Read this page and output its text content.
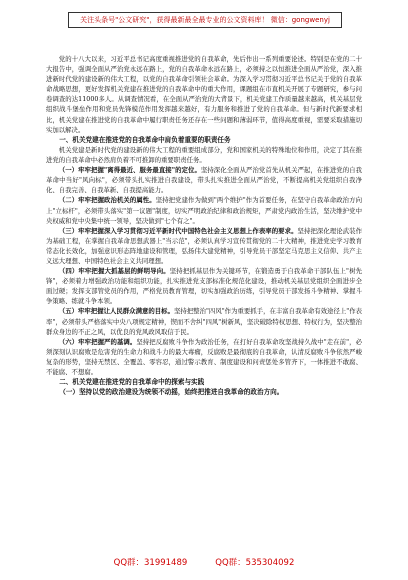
关注头条号"公文研究"，获得最新最全最专业的公文资料库！ 微信：gongwenyj

党的十八大以来，习近平总书记高度重视推进党的自我革命，先后作出一系列重要论述。特别是在党的二十大报告中，强调全面从严治党永远在路上，党的自我革命永远在路上，必须持之以恒推进全面从严治党，深入推进新时代党的建设新的伟大工程，以党的自我革命引领社会革命。为深入学习贯彻习近平总书记关于党的自我革命战略思想，更好发挥机关党建在推进党的自我革命中的重大作用，课题组在市直机关开展了专题研究，参与问卷调查的达11000多人。从调查情况看，在全面从严治党的大背景下，机关党建工作质量越来越高，机关基层党组织战斗堡垒作用和党员先锋模范作用发挥越来越好，有力服务和推进了党的自我革命。但与新时代新要求相比，机关党建在推进党的自我革命中履行职责任务还存在一些问题和薄弱环节，值得高度重视，需要采取措施切实加以解决。

一、机关党建在推进党的自我革命中肩负着重要的职责任务

机关党建是新时代党的建设新的伟大工程的重要组成部分，党和国家机关的特殊地位和作用，决定了其在推进党的自我革命中必然肩负着不可推卸的重要职责任务。

（一）牢牢把握"离得最近、服务最直接"的定位。坚持深化全面从严治党首先从机关严起，在推进党的自我革命中当好"风向标"，必须带头扎实推进自我建设，带头扎实推进全面从严治党，不断提高机关党组织自我净化、自我完善、自我革新、自我提高能力。

（二）牢牢把握政治机关的属性。坚持把党建作为做到"两个维护"作为首要任务，在坚守自我革命政治方向上"立标杆"，必须带头落实"第一议题"制度，切实严明政治纪律和政治规矩，严肃党内政治生活，坚决维护党中央权威和党中央集中统一领导，坚决做到"七个有之"。

（三）牢牢把握深入学习贯彻习近平新时代中国特色社会主义思想上作表率的要求。坚持把深化理论武装作为基础工程，在掌握自我革命思想武器上"当示范"，必须认真学习宣传贯彻党的二十大精神，推进党史学习教育常态化长效化，加强意识形态阵地建设和管理，弘扬伟大建党精神，引导党员干部坚定马克思主义信仰、共产主义远大理想、中国特色社会主义共同理想。

（四）牢牢把握大抓基层的鲜明导向。坚持把抓基层作为关键环节，在锻造勇于自我革命干部队伍上"树先锋"，必须着力增强政治功能和组织功能，扎实推进党支部标准化规范化建设，推动机关基层党组织全面进步全面过硬；发挥支部管党员的作用，严格党员教育管理，切实加强政治历练，引导党员干部发扬斗争精神、掌握斗争策略、练就斗争本领。

（五）牢牢把握让人民群众满意的目标。坚持把整治"四风"作为重要抓手，在丰富自我革命有效途径上"作表率"，必须带头严格落实中央八项规定精神，锲而不舍纠"四风"树新风，坚决破除特权思想、特权行为，坚决整治群众身边的不正之风，以优良的党风政风取信于民。

（六）牢牢把握严的基调。坚持把反腐败斗争作为政治任务，在打好自我革命攻坚战持久战中"走在前"，必须深刻认识腐败是危害党的生命力和战斗力的最大毒瘤，反腐败是最彻底的自我革命，认清反腐败斗争依然严峻复杂的形势，坚持无禁区、全覆盖、零容忍，通过警示教育、制度建设和问责惩处多管齐下，一体推进不敢腐、不能腐、不想腐。

二、机关党建在推进党的自我革命中的探索与实践

（一）坚持以党的政治建设为统领不动摇，始终把推进自我革命的政治方向。

QQ群：31991489	QQ群：535304092
